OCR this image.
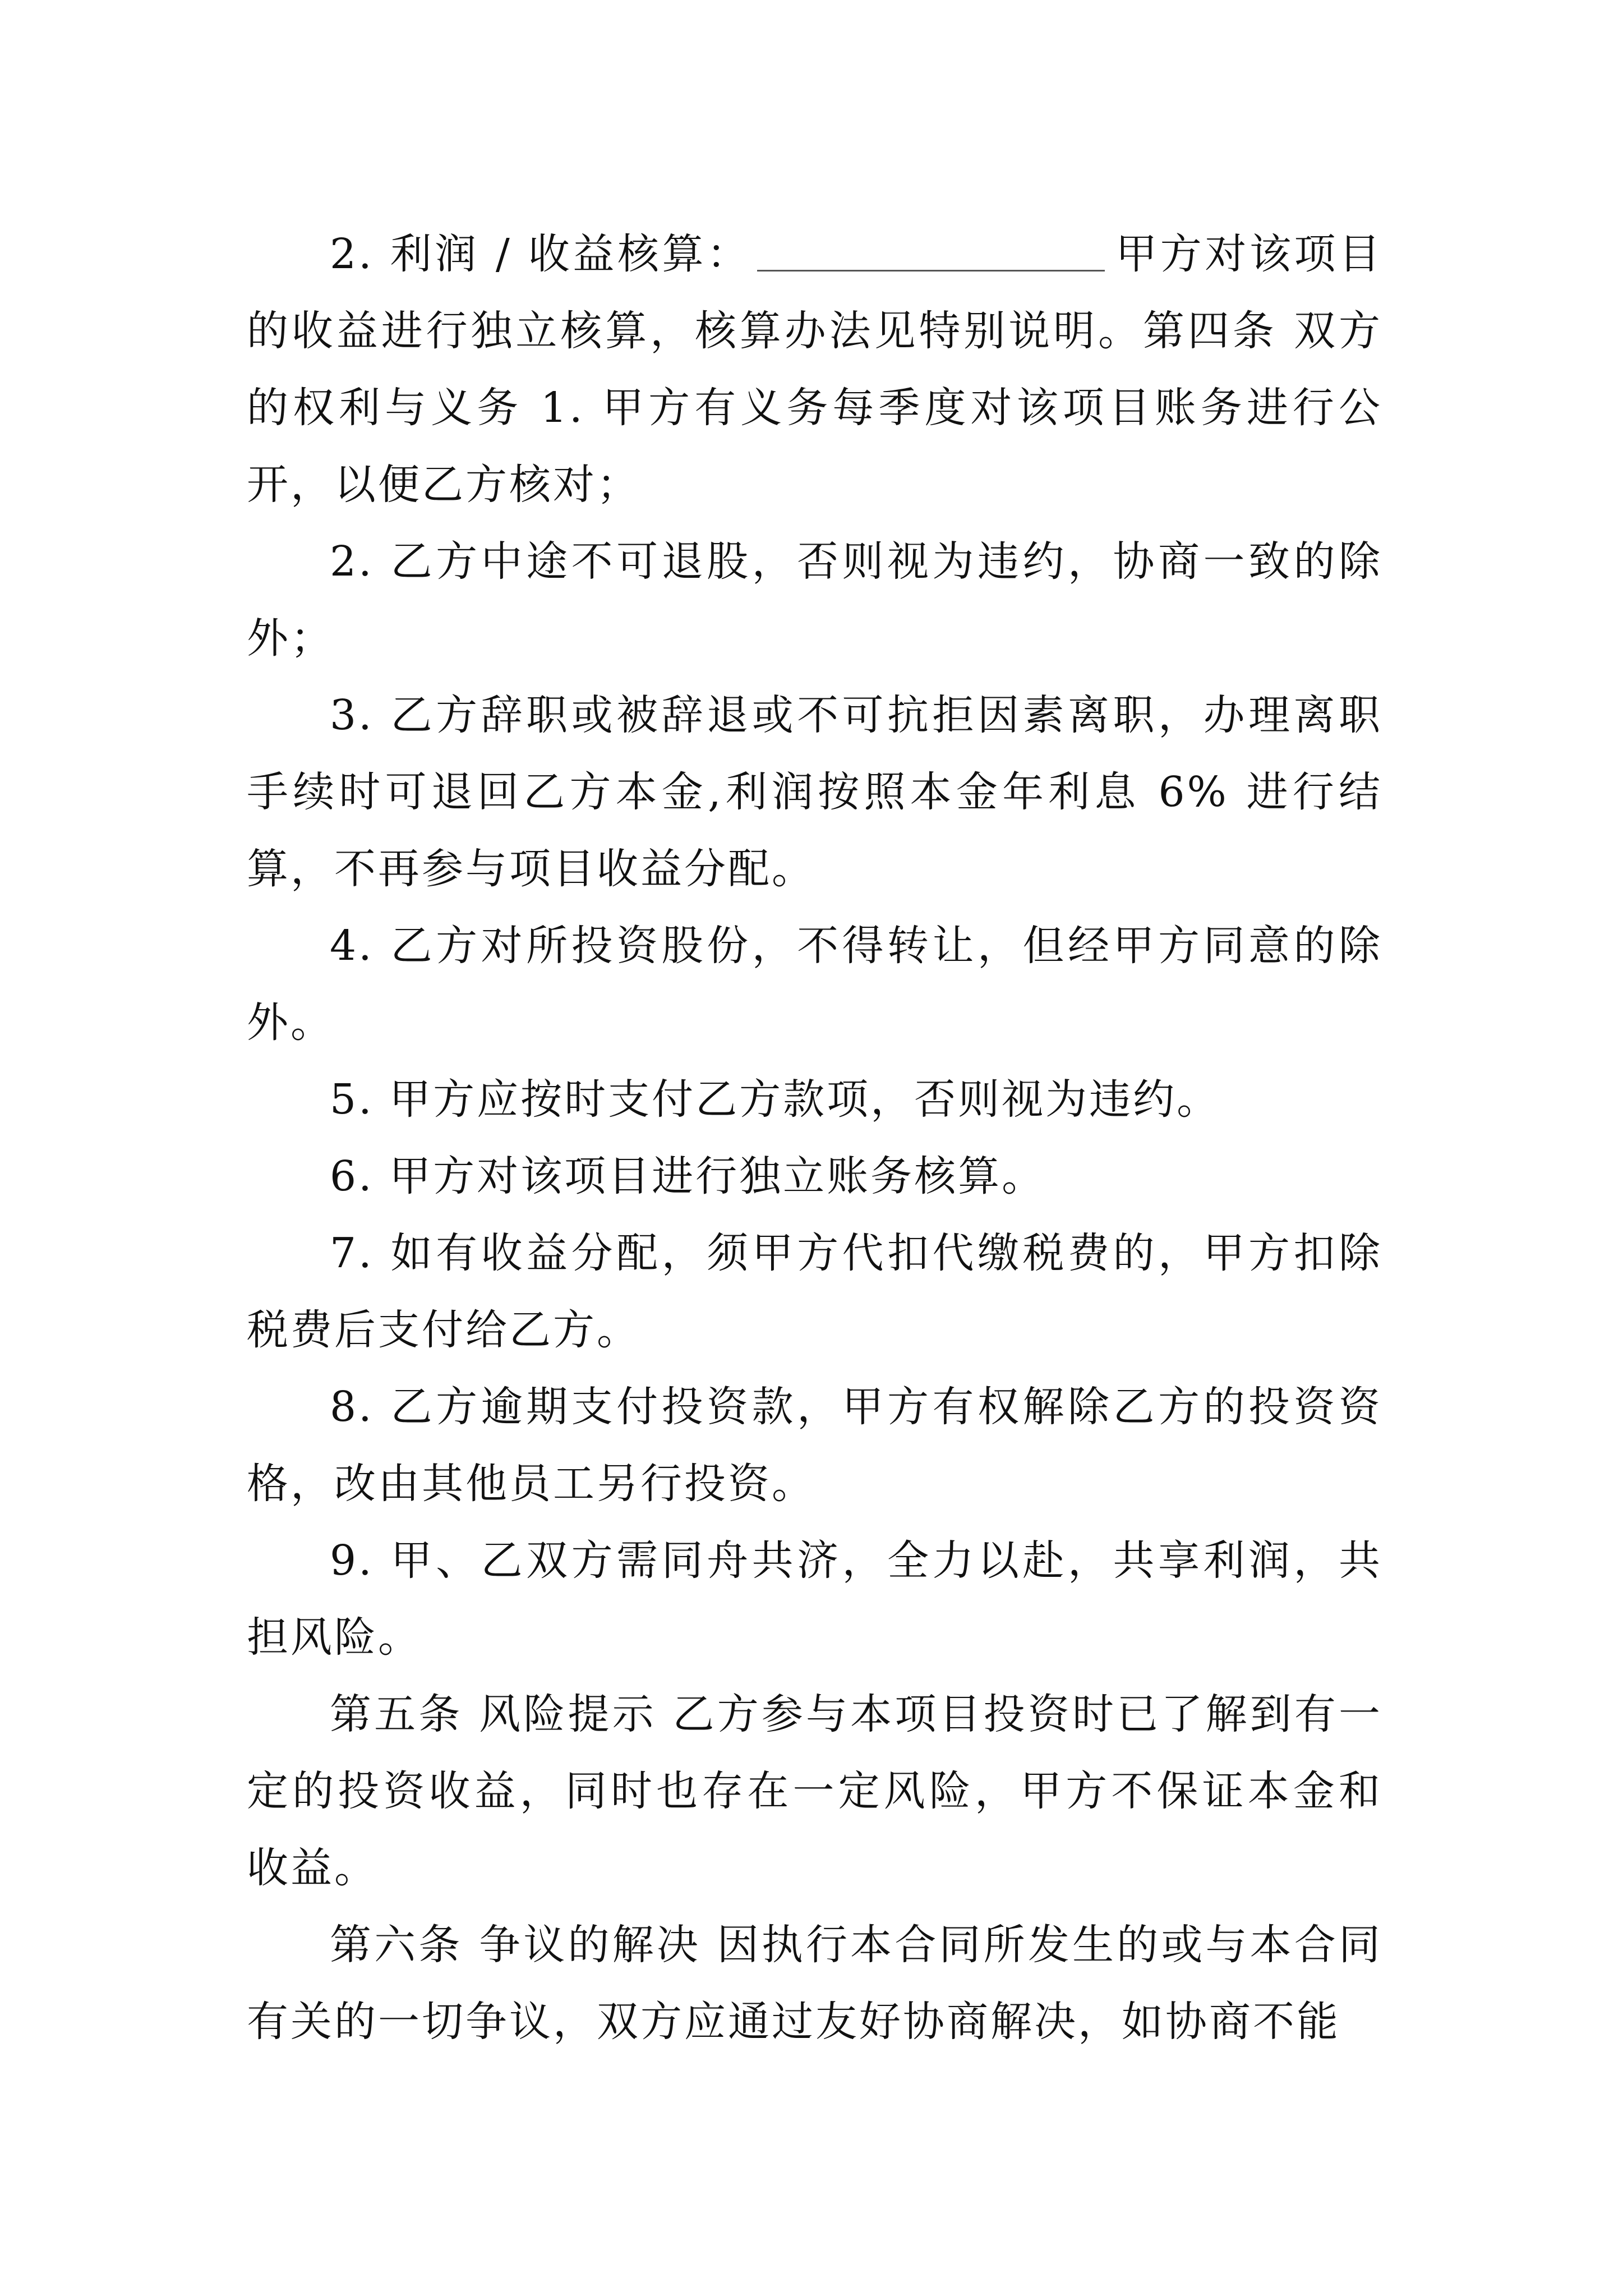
2. 利润 / 收益核算：	甲方对该项目的收益进行独立核算，核算办法见特别说明。第四条 双方的权利与义务 1. 甲方有义务每季度对该项目账务进行公开，以便乙方核对；

2. 乙方中途不可退股，否则视为违约，协商一致的除外；

3. 乙方辞职或被辞退或不可抗拒因素离职，办理离职手续时可退回乙方本金,利润按照本金年利息 6% 进行结算，不再参与项目收益分配。

4. 乙方对所投资股份，不得转让，但经甲方同意的除外。

5. 甲方应按时支付乙方款项，否则视为违约。

6. 甲方对该项目进行独立账务核算。

7. 如有收益分配，须甲方代扣代缴税费的，甲方扣除税费后支付给乙方。

8. 乙方逾期支付投资款，甲方有权解除乙方的投资资格，改由其他员工另行投资。

9. 甲、乙双方需同舟共济，全力以赴，共享利润，共担风险。

第五条 风险提示 乙方参与本项目投资时已了解到有一定的投资收益，同时也存在一定风险，甲方不保证本金和收益。

第六条 争议的解决 因执行本合同所发生的或与本合同有关的一切争议，双方应通过友好协商解决，如协商不能
